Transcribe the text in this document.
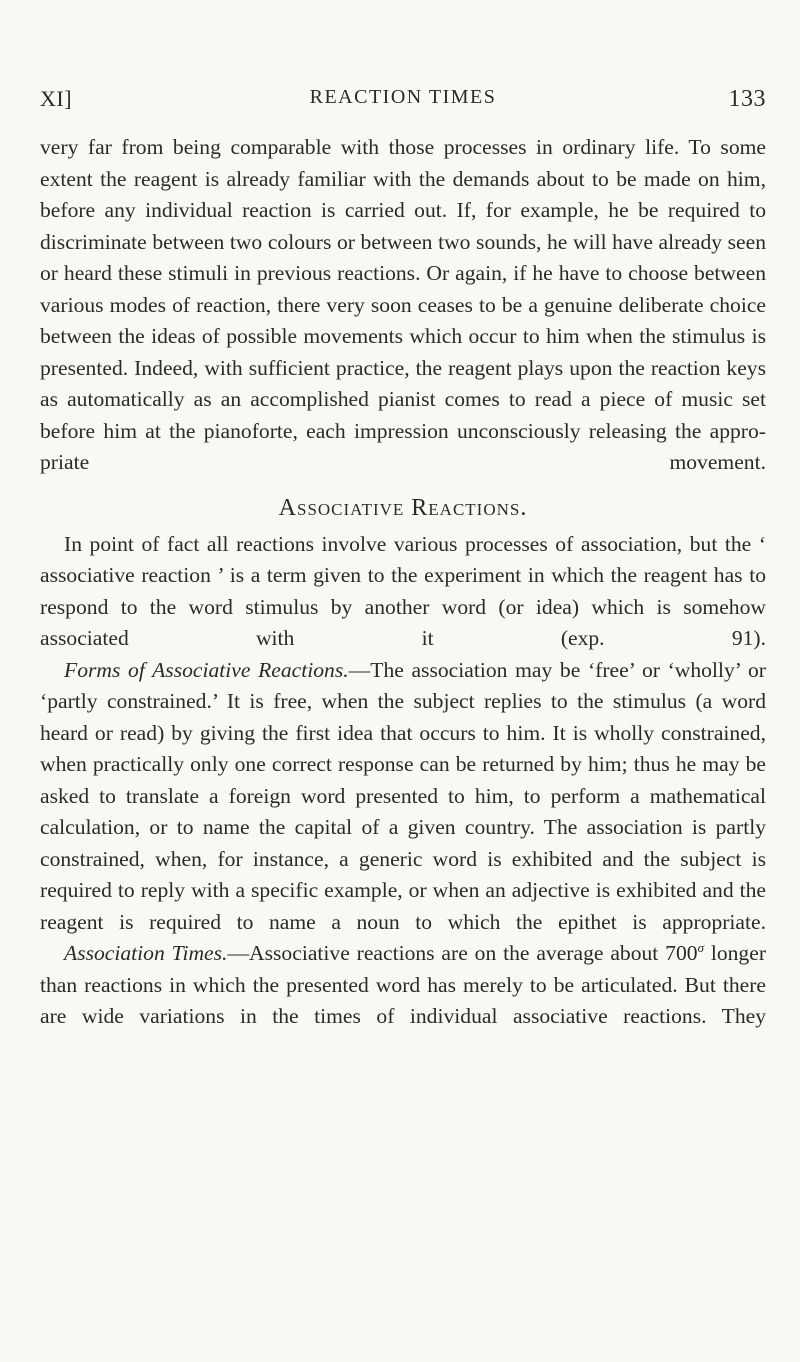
XI]	REACTION TIMES	133

very far from being comparable with those processes in ordinary life. To some extent the reagent is already familiar with the demands about to be made on him, before any individual reaction is carried out. If, for example, he be required to discriminate between two colours or between two sounds, he will have already seen or heard these stimuli in previous reactions. Or again, if he have to choose between various modes of reaction, there very soon ceases to be a genuine deliberate choice between the ideas of possible movements which occur to him when the stimulus is presented. Indeed, with sufficient practice, the reagent plays upon the reaction keys as automatically as an accomplished pianist comes to read a piece of music set before him at the pianoforte, each impression unconsciously releasing the appropriate movement.

Associative Reactions.

In point of fact all reactions involve various processes of association, but the ‘ associative reaction ’ is a term given to the experiment in which the reagent has to respond to the word stimulus by another word (or idea) which is somehow associated with it (exp. 91).

Forms of Associative Reactions.—The association may be ‘free’ or ‘wholly’ or ‘partly constrained.’ It is free, when the subject replies to the stimulus (a word heard or read) by giving the first idea that occurs to him. It is wholly constrained, when practically only one correct response can be returned by him; thus he may be asked to translate a foreign word presented to him, to perform a mathematical calculation, or to name the capital of a given country. The association is partly constrained, when, for instance, a generic word is exhibited and the subject is required to reply with a specific example, or when an adjective is exhibited and the reagent is required to name a noun to which the epithet is appropriate.

Association Times.—Associative reactions are on the average about $700^\sigma$ longer than reactions in which the presented word has merely to be articulated. But there are wide variations in the times of individual associative reactions. They
